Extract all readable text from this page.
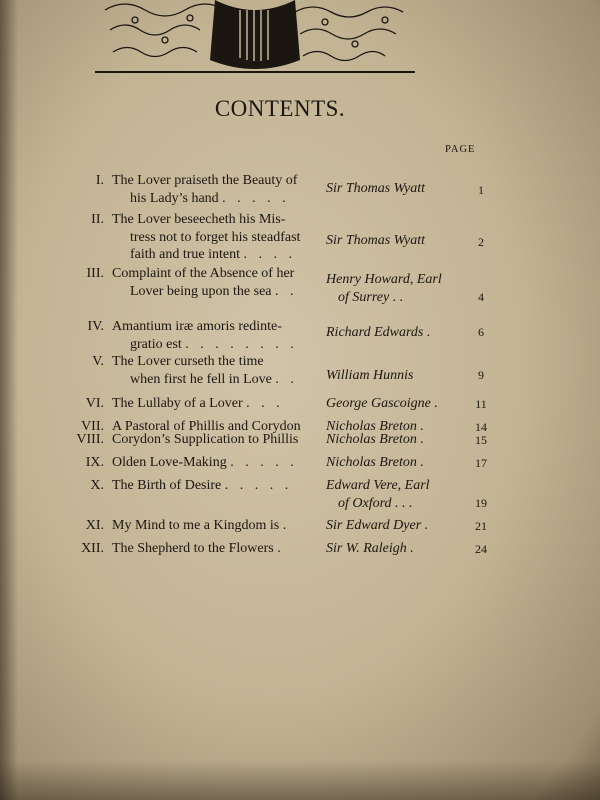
CONTENTS.
PAGE
I. The Lover praiseth the Beauty of
his Lady’s hand . . . . .
Sir Thomas Wyatt	1
II. The Lover beseecheth his Mis-
tress not to forget his steadfast
faith and true intent . . . .
Sir Thomas Wyatt	2
III. Complaint of the Absence of her
Lover being upon the sea . .
Henry Howard, Earl
of Surrey . .	4
IV. Amantium iræ amoris redinte-
gratio est . . . . . . . .
Richard Edwards .	6
V. The Lover curseth the time
when first he fell in Love . .	William Hunnis	9
VI. The Lullaby of a Lover . . .	George Gascoigne .	11
VII. A Pastoral of Phillis and Corydon	Nicholas Breton .	14
VIII. Corydon’s Supplication to Phillis	Nicholas Breton .	15
IX. Olden Love-Making . . . . .	Nicholas Breton .	17
X. The Birth of Desire . . . . .	Edward Vere, Earl
of Oxford . . .	19
XI. My Mind to me a Kingdom is .	Sir Edward Dyer .	21
XII. The Shepherd to the Flowers .	Sir W. Raleigh .	24
